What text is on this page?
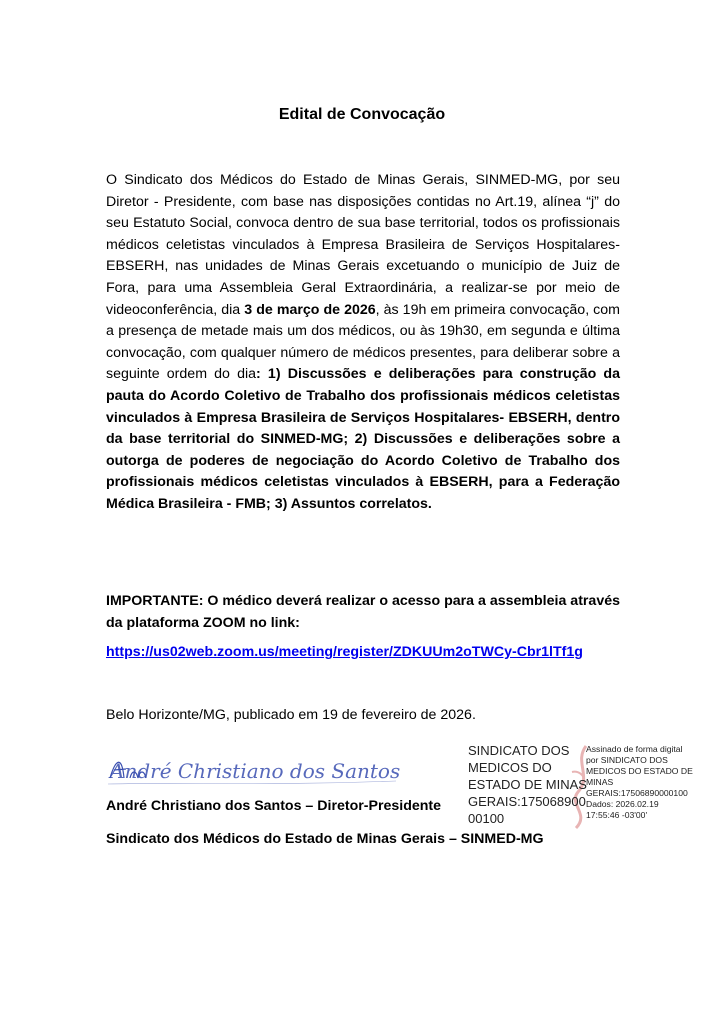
Edital de Convocação
O Sindicato dos Médicos do Estado de Minas Gerais, SINMED-MG, por seu Diretor - Presidente, com base nas disposições contidas no Art.19, alínea “j” do seu Estatuto Social, convoca dentro de sua base territorial, todos os profissionais médicos celetistas vinculados à Empresa Brasileira de Serviços Hospitalares- EBSERH, nas unidades de Minas Gerais excetuando o município de Juiz de Fora, para uma Assembleia Geral Extraordinária, a realizar-se por meio de videoconferência, dia 3 de março de 2026, às 19h em primeira convocação, com a presença de metade mais um dos médicos, ou às 19h30, em segunda e última convocação, com qualquer número de médicos presentes, para deliberar sobre a seguinte ordem do dia: 1) Discussões e deliberações para construção da pauta do Acordo Coletivo de Trabalho dos profissionais médicos celetistas vinculados à Empresa Brasileira de Serviços Hospitalares- EBSERH, dentro da base territorial do SINMED-MG; 2) Discussões e deliberações sobre a outorga de poderes de negociação do Acordo Coletivo de Trabalho dos profissionais médicos celetistas vinculados à EBSERH, para a Federação Médica Brasileira - FMB; 3) Assuntos correlatos.
IMPORTANTE: O médico deverá realizar o acesso para a assembleia através da plataforma ZOOM no link:
https://us02web.zoom.us/meeting/register/ZDKUUm2oTWCy-Cbr1lTf1g
Belo Horizonte/MG, publicado em 19 de fevereiro de 2026.
André Christiano dos Santos
André Christiano dos Santos – Diretor-Presidente
Sindicato dos Médicos do Estado de Minas Gerais – SINMED-MG
SINDICATO DOS
MEDICOS DO
ESTADO DE MINAS
GERAIS:175068900
00100
Assinado de forma digital
por SINDICATO DOS
MEDICOS DO ESTADO DE
MINAS
GERAIS:17506890000100
Dados: 2026.02.19
17:55:46 -03'00'
